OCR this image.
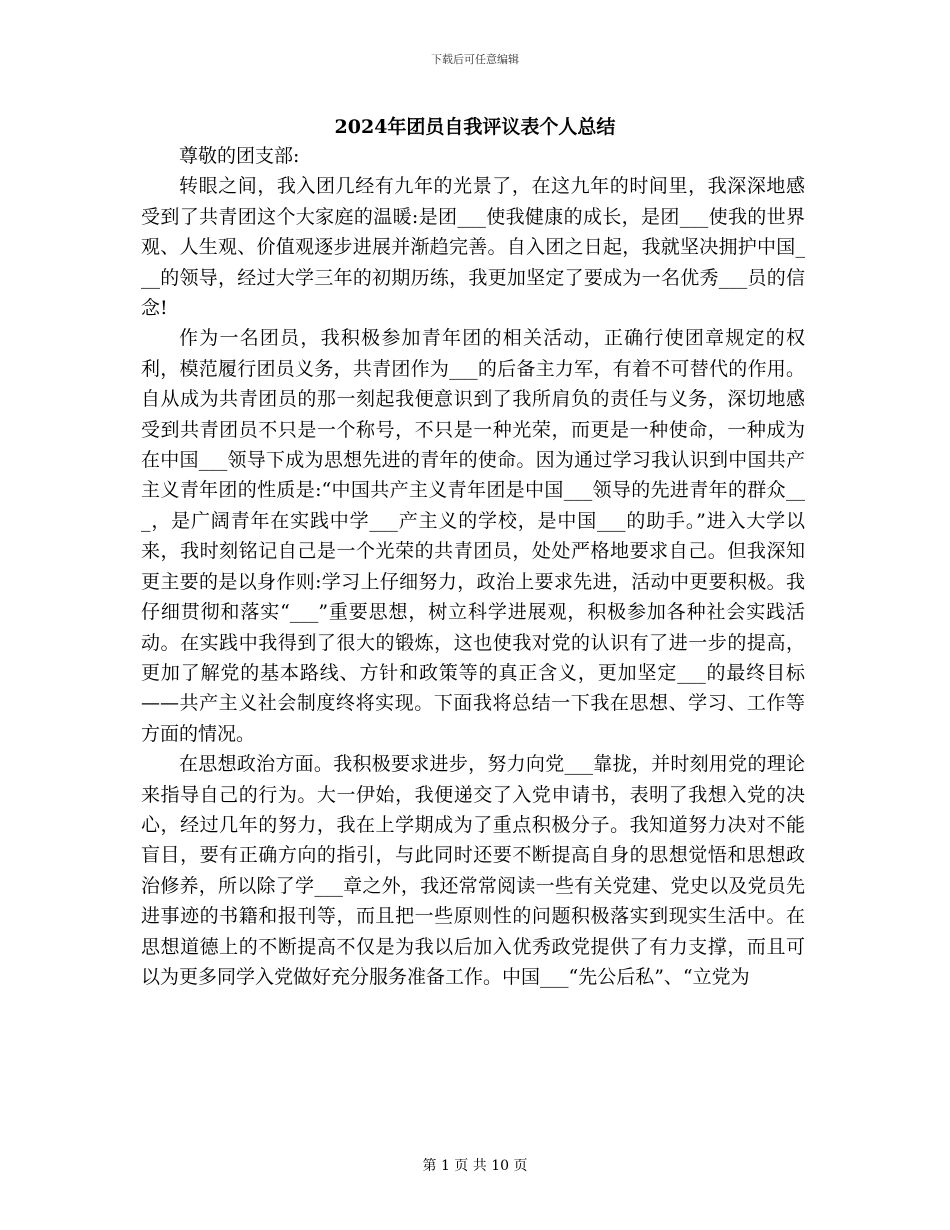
下载后可任意编辑
2024年团员自我评议表个人总结

尊敬的团支部:

转眼之间，我入团几经有九年的光景了，在这九年的时间里，我深深地感受到了共青团这个大家庭的温暖:是团___使我健康的成长，是团___使我的世界观、人生观、价值观逐步进展并渐趋完善。自入团之日起，我就坚决拥护中国___的领导，经过大学三年的初期历练，我更加坚定了要成为一名优秀___员的信念!

作为一名团员，我积极参加青年团的相关活动，正确行使团章规定的权利，模范履行团员义务，共青团作为___的后备主力军，有着不可替代的作用。自从成为共青团员的那一刻起我便意识到了我所肩负的责任与义务，深切地感受到共青团员不只是一个称号，不只是一种光荣，而更是一种使命，一种成为在中国___领导下成为思想先进的青年的使命。因为通过学习我认识到中国共产主义青年团的性质是:“中国共产主义青年团是中国___领导的先进青年的群众___，是广阔青年在实践中学___产主义的学校，是中国___的助手。”进入大学以来，我时刻铭记自己是一个光荣的共青团员，处处严格地要求自己。但我深知更主要的是以身作则:学习上仔细努力，政治上要求先进，活动中更要积极。我仔细贯彻和落实“___”重要思想，树立科学进展观，积极参加各种社会实践活动。在实践中我得到了很大的锻炼，这也使我对党的认识有了进一步的提高，更加了解党的基本路线、方针和政策等的真正含义，更加坚定___的最终目标——共产主义社会制度终将实现。下面我将总结一下我在思想、学习、工作等方面的情况。

在思想政治方面。我积极要求进步，努力向党___靠拢，并时刻用党的理论来指导自己的行为。大一伊始，我便递交了入党申请书，表明了我想入党的决心，经过几年的努力，我在上学期成为了重点积极分子。我知道努力决对不能盲目，要有正确方向的指引，与此同时还要不断提高自身的思想觉悟和思想政治修养，所以除了学___章之外，我还常常阅读一些有关党建、党史以及党员先进事迹的书籍和报刊等，而且把一些原则性的问题积极落实到现实生活中。在思想道德上的不断提高不仅是为我以后加入优秀政党提供了有力支撑，而且可以为更多同学入党做好充分服务准备工作。中国___“先公后私”、“立党为

第 1 页 共 10 页
